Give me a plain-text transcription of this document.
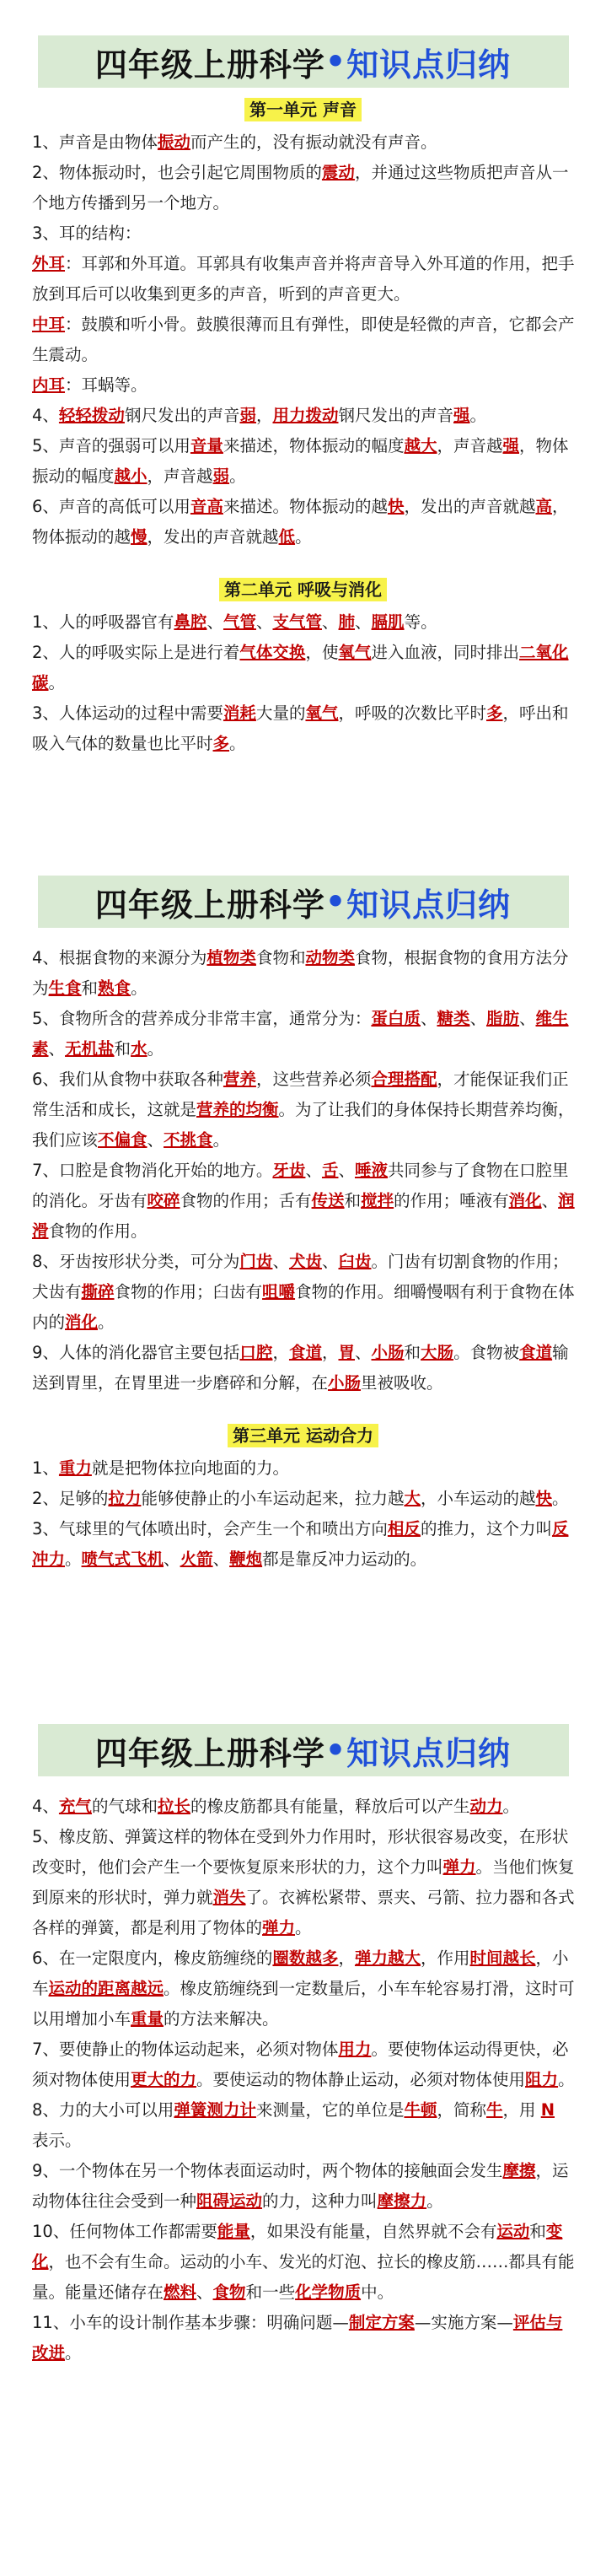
四年级上册科学 • 知识点归纳
第一单元 声音
1、声音是由物体振动而产生的，没有振动就没有声音。
2、物体振动时，也会引起它周围物质的震动，并通过这些物质把声音从一个地方传播到另一个地方。
3、耳的结构：
外耳：耳郭和外耳道。耳郭具有收集声音并将声音导入外耳道的作用，把手放到耳后可以收集到更多的声音，听到的声音更大。
中耳：鼓膜和听小骨。鼓膜很薄而且有弹性，即使是轻微的声音，它都会产生震动。
内耳：耳蜗等。
4、轻轻拨动钢尺发出的声音弱，用力拨动钢尺发出的声音强。
5、声音的强弱可以用音量来描述，物体振动的幅度越大，声音越强，物体振动的幅度越小，声音越弱。
6、声音的高低可以用音高来描述。物体振动的越快，发出的声音就越高，物体振动的越慢，发出的声音就越低。
第二单元 呼吸与消化
1、人的呼吸器官有鼻腔、气管、支气管、肺、膈肌等。
2、人的呼吸实际上是进行着气体交换，使氧气进入血液，同时排出二氧化碳。
3、人体运动的过程中需要消耗大量的氧气，呼吸的次数比平时多，呼出和吸入气体的数量也比平时多。
四年级上册科学 • 知识点归纳
4、根据食物的来源分为植物类食物和动物类食物，根据食物的食用方法分为生食和熟食。
5、食物所含的营养成分非常丰富，通常分为：蛋白质、糖类、脂肪、维生素、无机盐和水。
6、我们从食物中获取各种营养，这些营养必须合理搭配，才能保证我们正常生活和成长，这就是营养的均衡。为了让我们的身体保持长期营养均衡，我们应该不偏食、不挑食。
7、口腔是食物消化开始的地方。牙齿、舌、唾液共同参与了食物在口腔里的消化。牙齿有咬碎食物的作用；舌有传送和搅拌的作用；唾液有消化、润滑食物的作用。
8、牙齿按形状分类，可分为门齿、犬齿、臼齿。门齿有切割食物的作用；犬齿有撕碎食物的作用；臼齿有咀嚼食物的作用。细嚼慢咽有利于食物在体内的消化。
9、人体的消化器官主要包括口腔，食道，胃、小肠和大肠。食物被食道输送到胃里，在胃里进一步磨碎和分解，在小肠里被吸收。
第三单元 运动合力
1、重力就是把物体拉向地面的力。
2、足够的拉力能够使静止的小车运动起来，拉力越大，小车运动的越快。
3、气球里的气体喷出时，会产生一个和喷出方向相反的推力，这个力叫反冲力。喷气式飞机、火箭、鞭炮都是靠反冲力运动的。
四年级上册科学 • 知识点归纳
4、充气的气球和拉长的橡皮筋都具有能量，释放后可以产生动力。
5、橡皮筋、弹簧这样的物体在受到外力作用时，形状很容易改变，在形状改变时，他们会产生一个要恢复原来形状的力，这个力叫弹力。当他们恢复到原来的形状时，弹力就消失了。衣裤松紧带、票夹、弓箭、拉力器和各式各样的弹簧，都是利用了物体的弹力。
6、在一定限度内，橡皮筋缠绕的圈数越多，弹力越大，作用时间越长，小车运动的距离越远。橡皮筋缠绕到一定数量后，小车车轮容易打滑，这时可以用增加小车重量的方法来解决。
7、要使静止的物体运动起来，必须对物体用力。要使物体运动得更快，必须对物体使用更大的力。要使运动的物体静止运动，必须对物体使用阻力。
8、力的大小可以用弹簧测力计来测量，它的单位是牛顿，简称牛，用 N 表示。
9、一个物体在另一个物体表面运动时，两个物体的接触面会发生摩擦，运动物体往往会受到一种阻碍运动的力，这种力叫摩擦力。
10、任何物体工作都需要能量，如果没有能量，自然界就不会有运动和变化，也不会有生命。运动的小车、发光的灯泡、拉长的橡皮筋……都具有能量。能量还储存在燃料、食物和一些化学物质中。
11、小车的设计制作基本步骤：明确问题—制定方案—实施方案—评估与改进。
